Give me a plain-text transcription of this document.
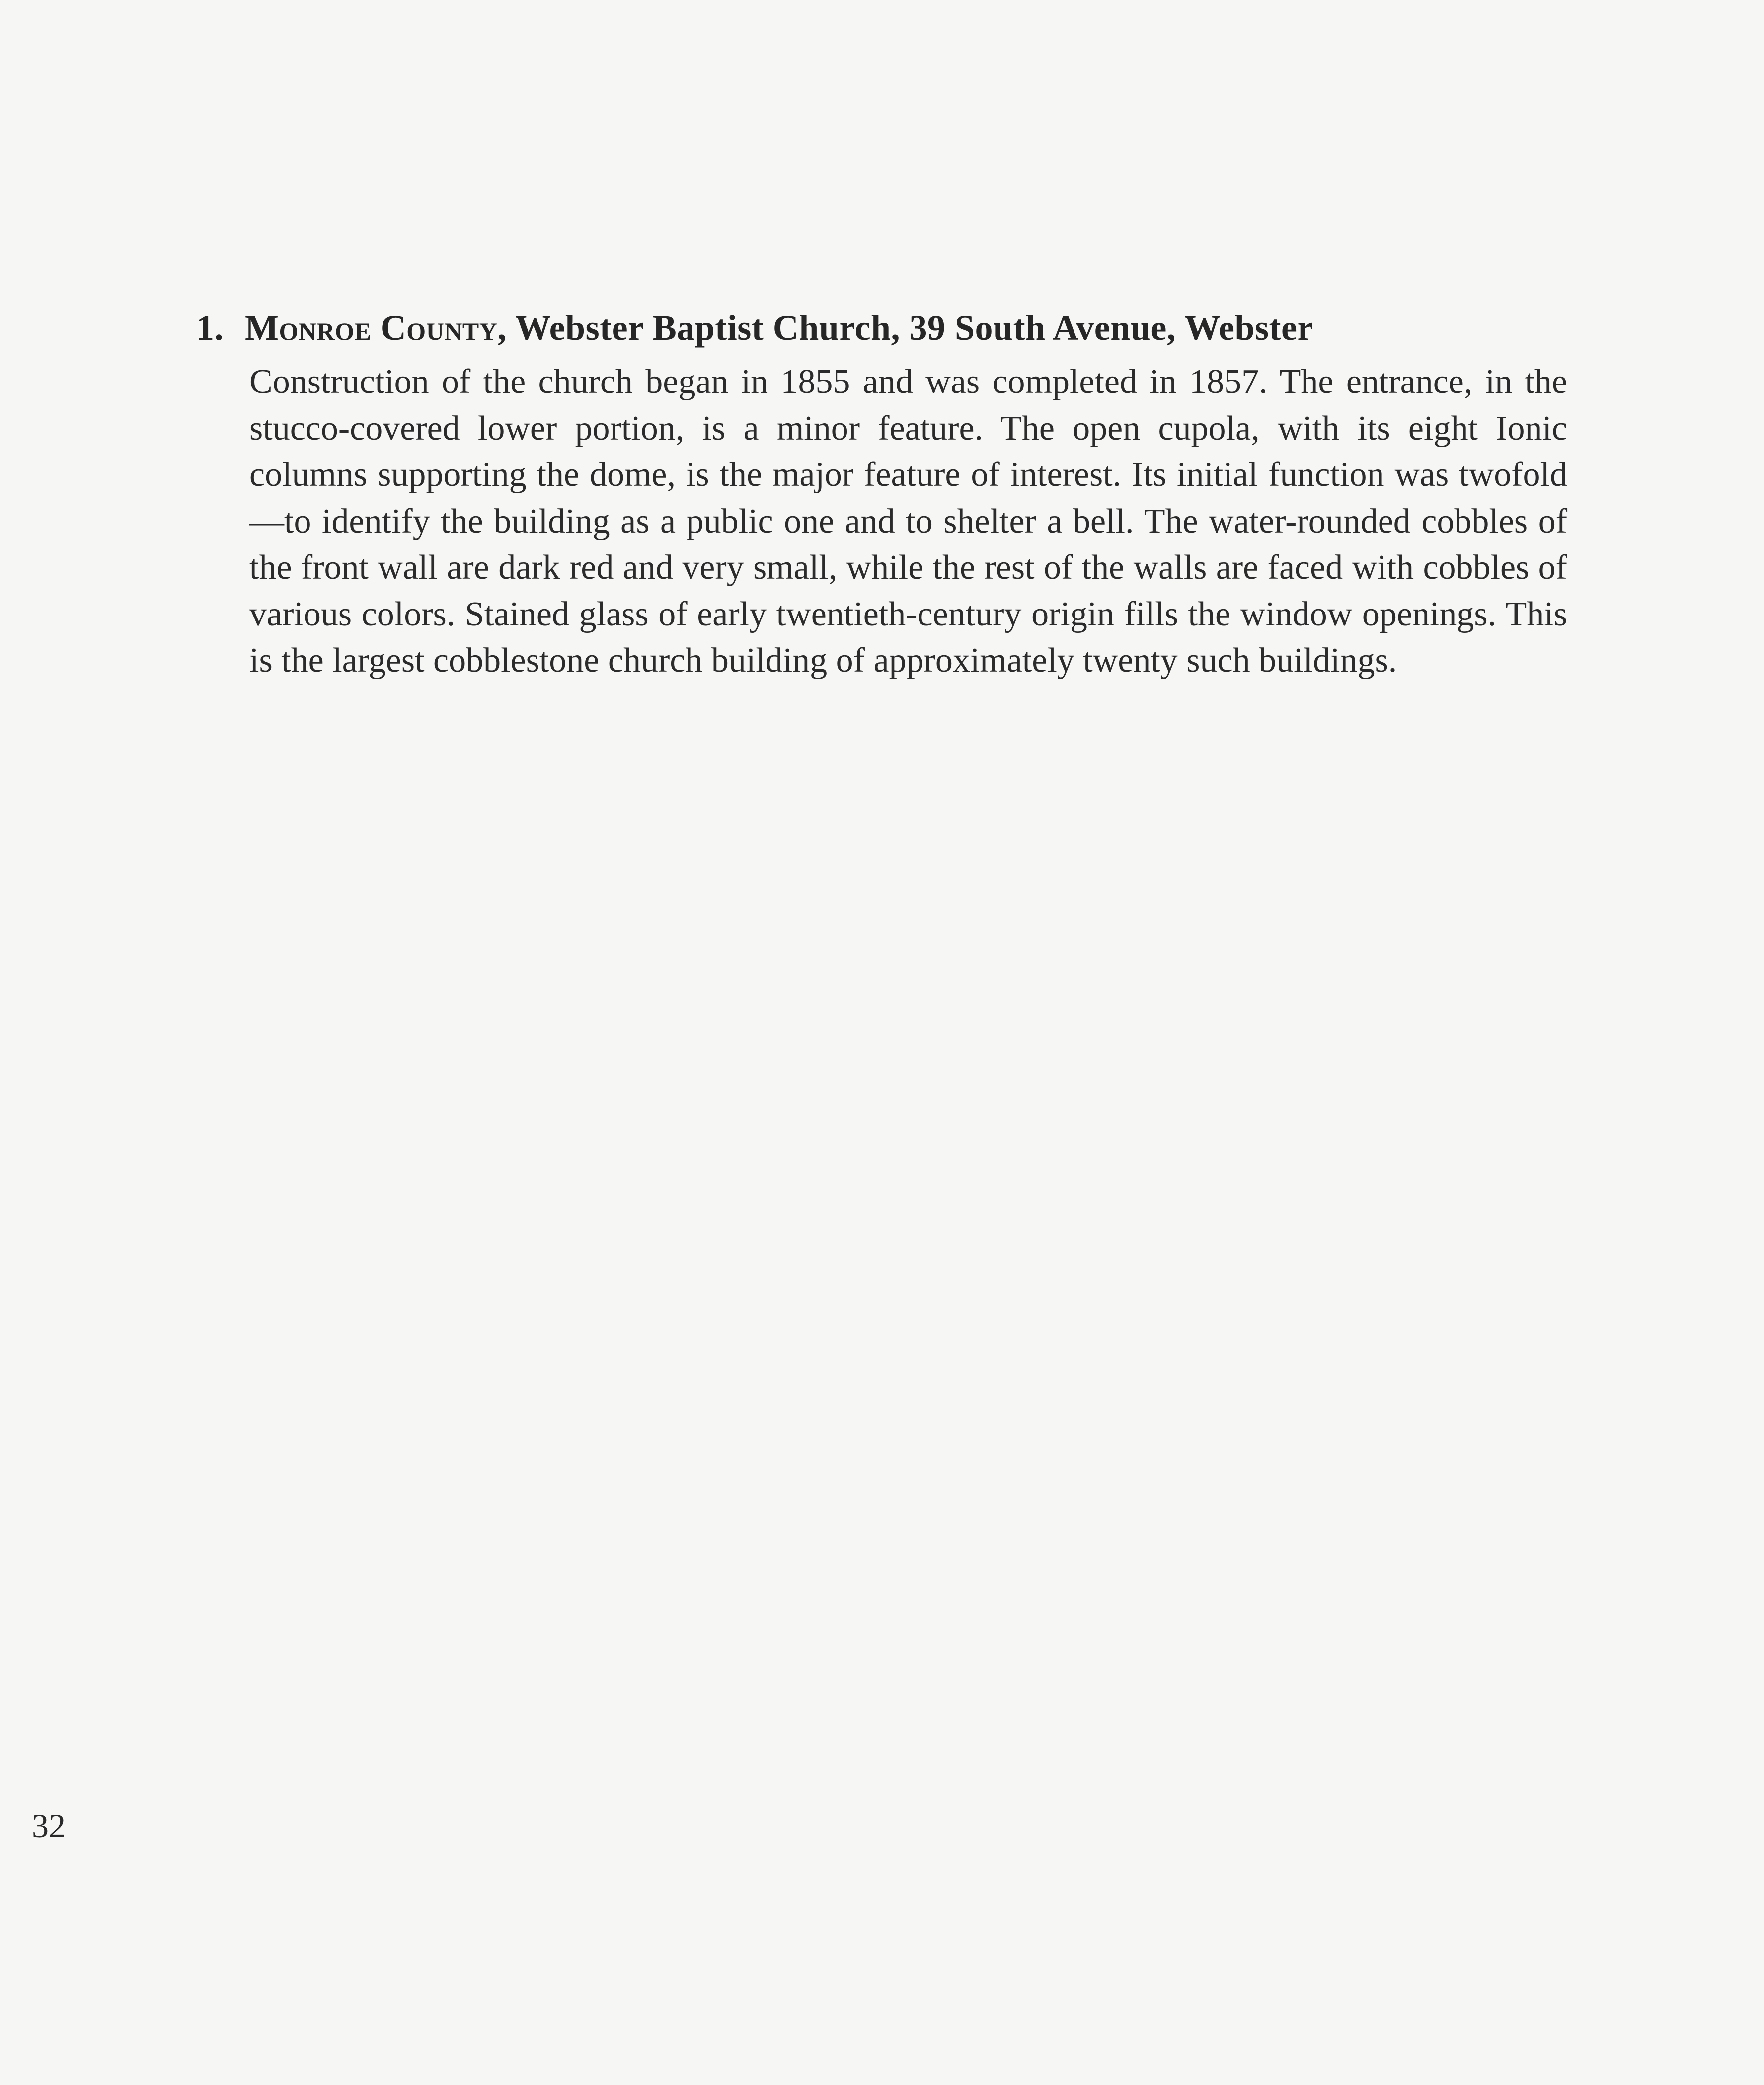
1. Monroe County, Webster Baptist Church, 39 South Avenue, Webster
Construction of the church began in 1855 and was completed in 1857. The entrance, in the stucco-covered lower portion, is a minor feature. The open cupola, with its eight Ionic columns supporting the dome, is the major feature of interest. Its initial function was twofold—to identify the building as a public one and to shelter a bell. The water-rounded cobbles of the front wall are dark red and very small, while the rest of the walls are faced with cobbles of various colors. Stained glass of early twentieth-century origin fills the window openings. This is the largest cobblestone church building of approximately twenty such buildings.
32
